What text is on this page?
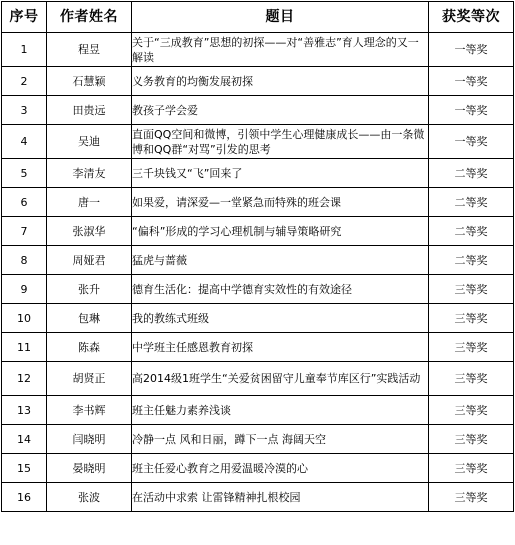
序号	作者姓名	题目	获奖等次
1	程昱	关于“三成教育”思想的初探——对“善雅志”育人理念的又一解读	一等奖
2	石慧颖	义务教育的均衡发展初探	一等奖
3	田贵远	教孩子学会爱	一等奖
4	吴迪	直面QQ空间和微博，引领中学生心理健康成长——由一条微博和QQ群“对骂”引发的思考	一等奖
5	李清友	三千块钱又“飞”回来了	二等奖
6	唐一	如果爱，请深爱—一堂紧急而特殊的班会课	二等奖
7	张淑华	“偏科”形成的学习心理机制与辅导策略研究	二等奖
8	周娅君	猛虎与蔷薇	二等奖
9	张升	德育生活化：提高中学德育实效性的有效途径	三等奖
10	包琳	我的教练式班级	三等奖
11	陈森	中学班主任感恩教育初探	三等奖
12	胡贤正	高2014级1班学生“关爱贫困留守儿童奉节库区行”实践活动	三等奖
13	李书辉	班主任魅力素养浅谈	三等奖
14	闫晓明	冷静一点 风和日丽，蹲下一点 海阔天空	三等奖
15	晏晓明	班主任爱心教育之用爱温暖冷漠的心	三等奖
16	张波	在活动中求索 让雷锋精神扎根校园	三等奖
